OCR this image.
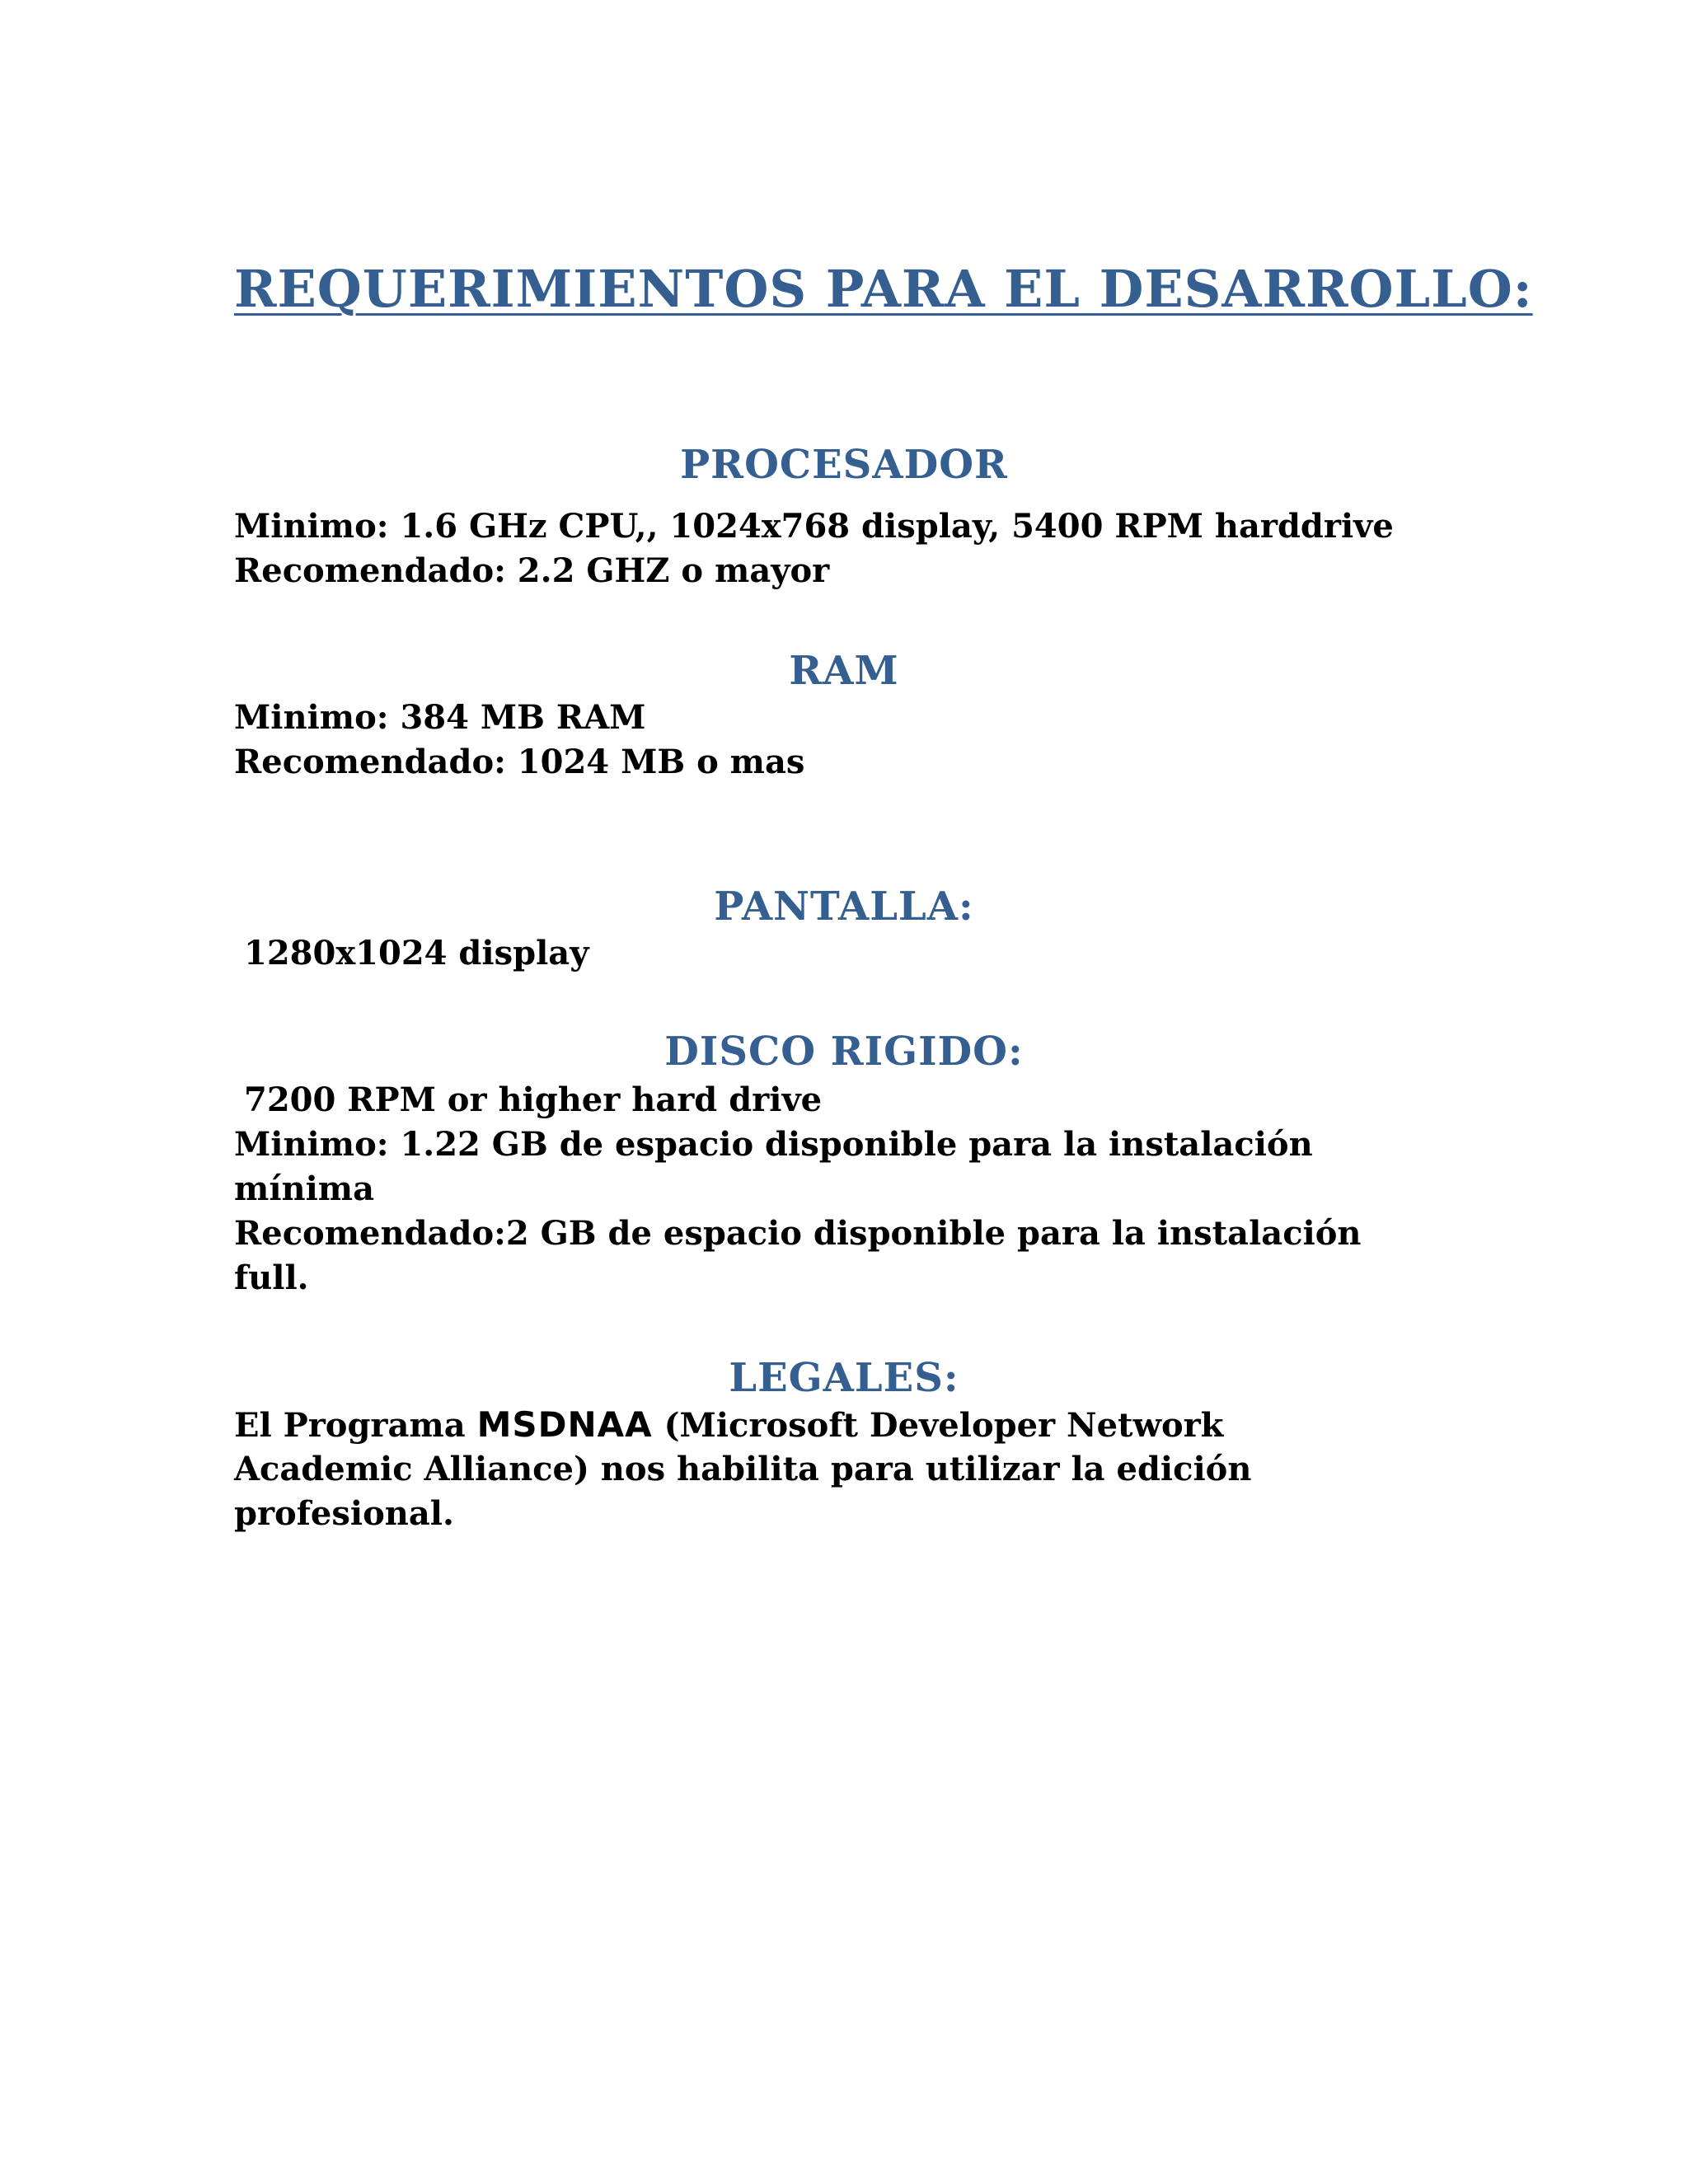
REQUERIMIENTOS PARA EL DESARROLLO:
PROCESADOR

Minimo: 1.6 GHz CPU,, 1024x768 display, 5400 RPM harddrive

Recomendado: 2.2 GHZ o mayor

RAM

Minimo: 384 MB RAM

Recomendado: 1024 MB o mas

PANTALLA:

1280x1024 display

DISCO RIGIDO:

7200 RPM or higher hard drive

Minimo: 1.22 GB de espacio disponible para la instalación

mínima

Recomendado:2 GB de espacio disponible para la instalación

full.

LEGALES:

El Programa MSDNAA (Microsoft Developer Network

Academic Alliance) nos habilita para utilizar la edición

profesional.
